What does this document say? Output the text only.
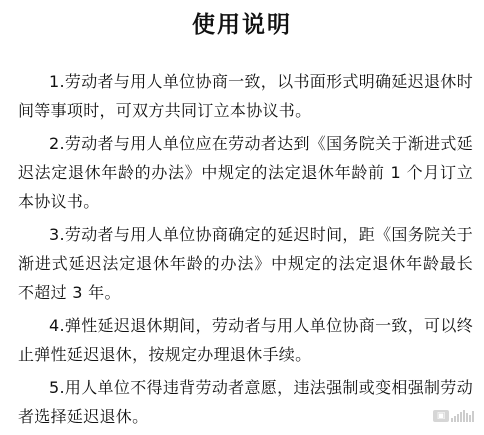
使用说明

1.劳动者与用人单位协商一致，以书面形式明确延迟退休时间等事项时，可双方共同订立本协议书。

2.劳动者与用人单位应在劳动者达到《国务院关于渐进式延迟法定退休年龄的办法》中规定的法定退休年龄前 1 个月订立本协议书。

3.劳动者与用人单位协商确定的延迟时间，距《国务院关于渐进式延迟法定退休年龄的办法》中规定的法定退休年龄最长不超过 3 年。

4.弹性延迟退休期间，劳动者与用人单位协商一致，可以终止弹性延迟退休，按规定办理退休手续。

5.用人单位不得违背劳动者意愿，违法强制或变相强制劳动者选择延迟退休。	▣
